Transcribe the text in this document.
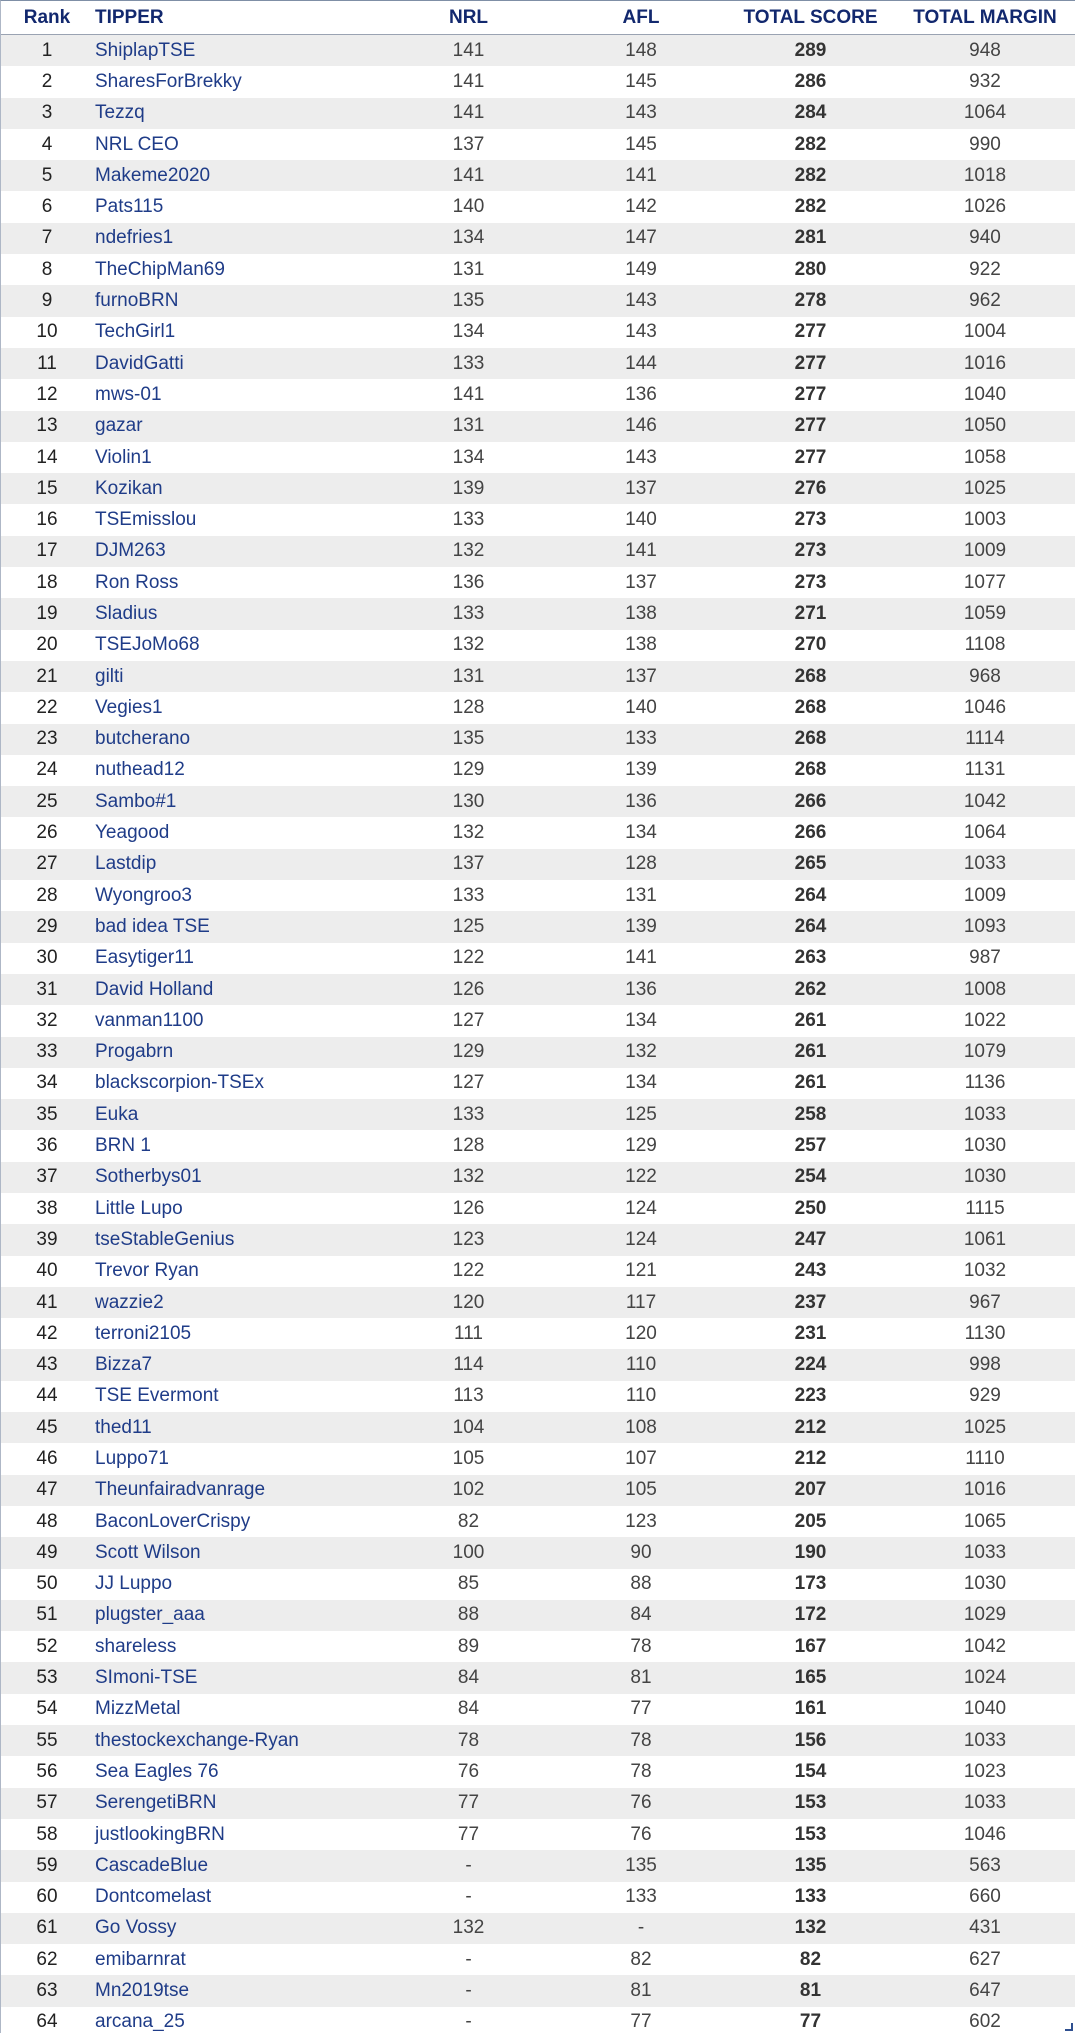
Rank	TIPPER	NRL	AFL	TOTAL SCORE	TOTAL MARGIN
1	ShiplapTSE	141	148	289	948
2	SharesForBrekky	141	145	286	932
3	Tezzq	141	143	284	1064
4	NRL CEO	137	145	282	990
5	Makeme2020	141	141	282	1018
6	Pats115	140	142	282	1026
7	ndefries1	134	147	281	940
8	TheChipMan69	131	149	280	922
9	furnoBRN	135	143	278	962
10	TechGirl1	134	143	277	1004
11	DavidGatti	133	144	277	1016
12	mws-01	141	136	277	1040
13	gazar	131	146	277	1050
14	Violin1	134	143	277	1058
15	Kozikan	139	137	276	1025
16	TSEmisslou	133	140	273	1003
17	DJM263	132	141	273	1009
18	Ron Ross	136	137	273	1077
19	Sladius	133	138	271	1059
20	TSEJoMo68	132	138	270	1108
21	gilti	131	137	268	968
22	Vegies1	128	140	268	1046
23	butcherano	135	133	268	1114
24	nuthead12	129	139	268	1131
25	Sambo#1	130	136	266	1042
26	Yeagood	132	134	266	1064
27	Lastdip	137	128	265	1033
28	Wyongroo3	133	131	264	1009
29	bad idea TSE	125	139	264	1093
30	Easytiger11	122	141	263	987
31	David Holland	126	136	262	1008
32	vanman1100	127	134	261	1022
33	Progabrn	129	132	261	1079
34	blackscorpion-TSEx	127	134	261	1136
35	Euka	133	125	258	1033
36	BRN 1	128	129	257	1030
37	Sotherbys01	132	122	254	1030
38	Little Lupo	126	124	250	1115
39	tseStableGenius	123	124	247	1061
40	Trevor Ryan	122	121	243	1032
41	wazzie2	120	117	237	967
42	terroni2105	111	120	231	1130
43	Bizza7	114	110	224	998
44	TSE Evermont	113	110	223	929
45	thed11	104	108	212	1025
46	Luppo71	105	107	212	1110
47	Theunfairadvanrage	102	105	207	1016
48	BaconLoverCrispy	82	123	205	1065
49	Scott Wilson	100	90	190	1033
50	JJ Luppo	85	88	173	1030
51	plugster_aaa	88	84	172	1029
52	shareless	89	78	167	1042
53	SImoni-TSE	84	81	165	1024
54	MizzMetal	84	77	161	1040
55	thestockexchange-Ryan	78	78	156	1033
56	Sea Eagles 76	76	78	154	1023
57	SerengetiBRN	77	76	153	1033
58	justlookingBRN	77	76	153	1046
59	CascadeBlue	-	135	135	563
60	Dontcomelast	-	133	133	660
61	Go Vossy	132	-	132	431
62	emibarnrat	-	82	82	627
63	Mn2019tse	-	81	81	647
64	arcana_25	-	77	77	602
